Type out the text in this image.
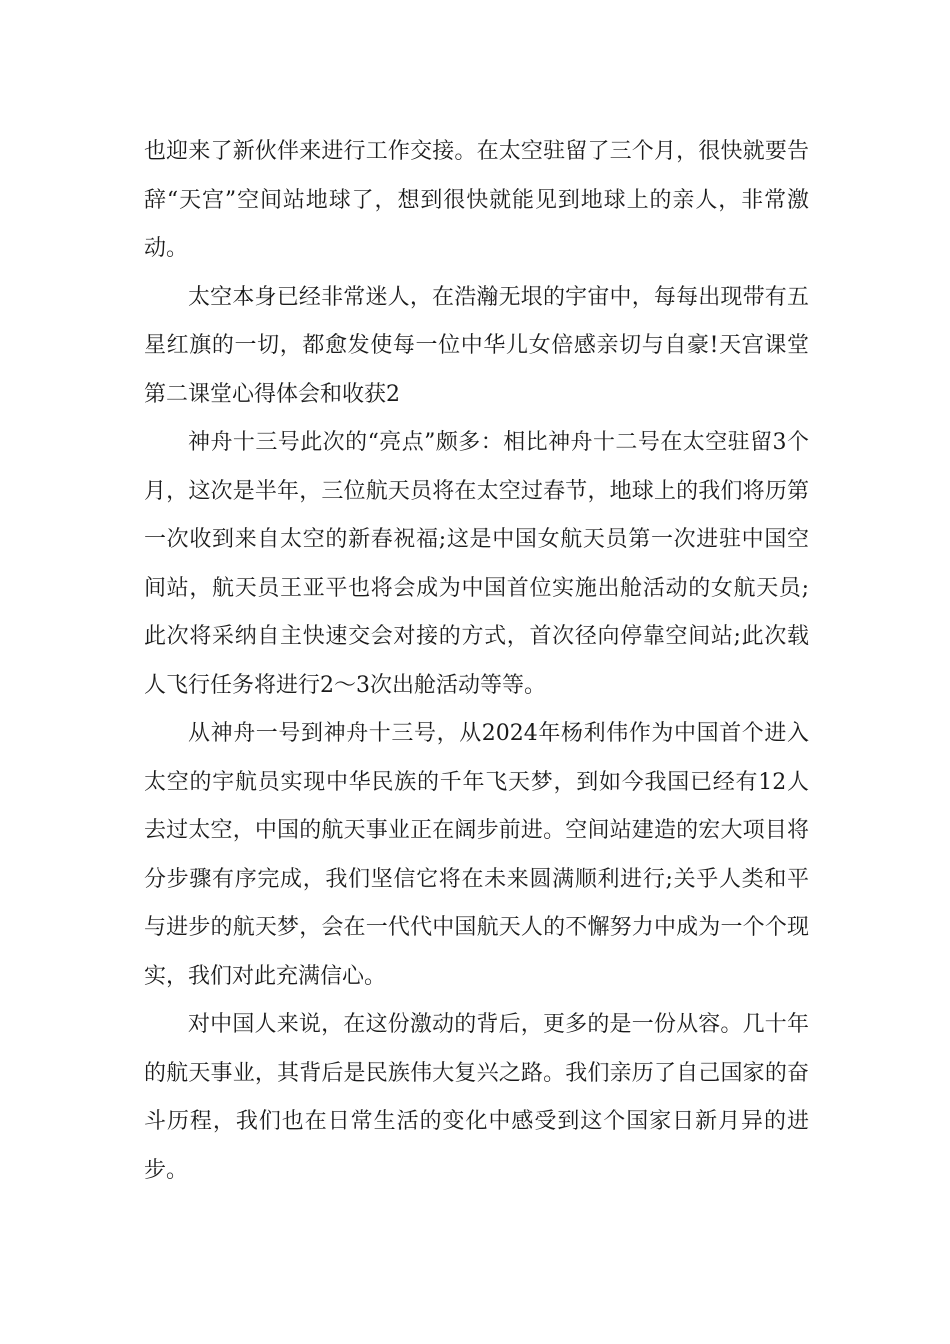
也迎来了新伙伴来进行工作交接。在太空驻留了三个月，很快就要告辞“天宫”空间站地球了，想到很快就能见到地球上的亲人，非常激动。

太空本身已经非常迷人，在浩瀚无垠的宇宙中，每每出现带有五星红旗的一切，都愈发使每一位中华儿女倍感亲切与自豪!天宫课堂第二课堂心得体会和收获2

神舟十三号此次的“亮点”颇多：相比神舟十二号在太空驻留3个月，这次是半年，三位航天员将在太空过春节，地球上的我们将历第一次收到来自太空的新春祝福;这是中国女航天员第一次进驻中国空间站，航天员王亚平也将会成为中国首位实施出舱活动的女航天员;此次将采纳自主快速交会对接的方式，首次径向停靠空间站;此次载人飞行任务将进行2～3次出舱活动等等。

从神舟一号到神舟十三号，从2024年杨利伟作为中国首个进入太空的宇航员实现中华民族的千年飞天梦，到如今我国已经有12人去过太空，中国的航天事业正在阔步前进。空间站建造的宏大项目将分步骤有序完成，我们坚信它将在未来圆满顺利进行;关乎人类和平与进步的航天梦，会在一代代中国航天人的不懈努力中成为一个个现实，我们对此充满信心。

对中国人来说，在这份激动的背后，更多的是一份从容。几十年的航天事业，其背后是民族伟大复兴之路。我们亲历了自己国家的奋斗历程，我们也在日常生活的变化中感受到这个国家日新月异的进步。
